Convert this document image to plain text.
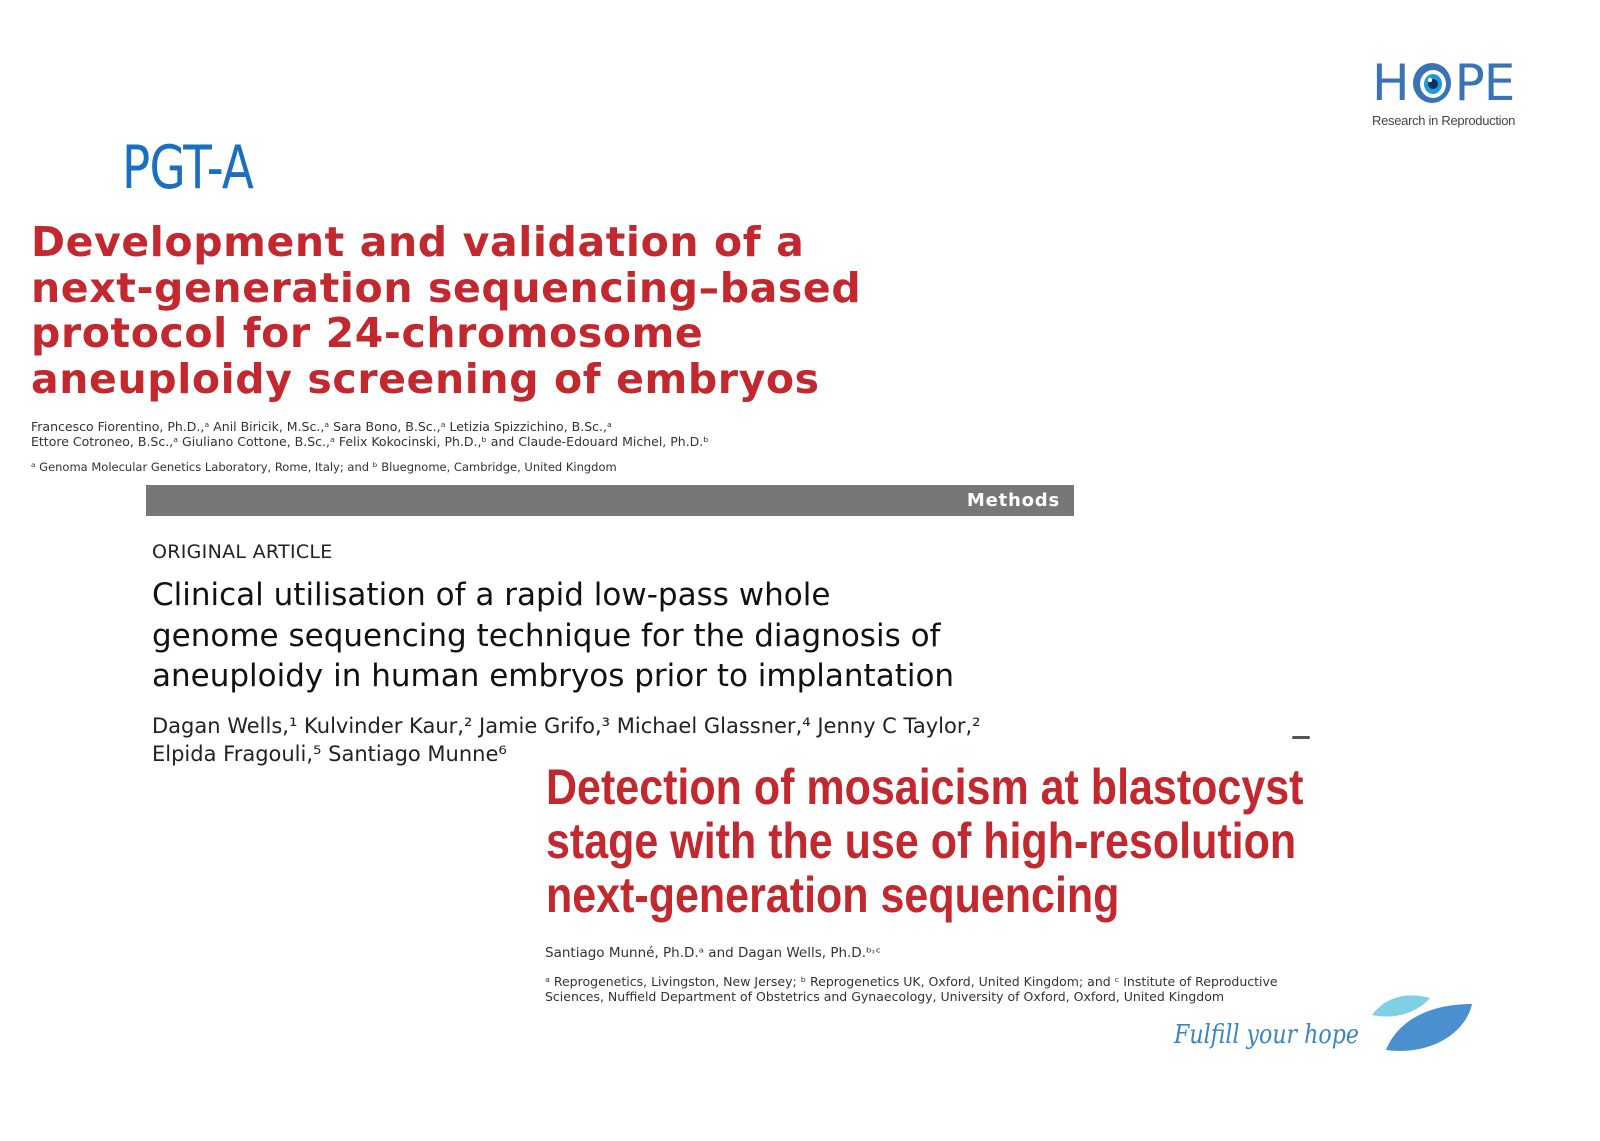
H PE
Research in Reproduction
PGT-A
Development and validation of a
next-generation sequencing–based
protocol for 24-chromosome
aneuploidy screening of embryos
Francesco Fiorentino, Ph.D.,ᵃ Anil Biricik, M.Sc.,ᵃ Sara Bono, B.Sc.,ᵃ Letizia Spizzichino, B.Sc.,ᵃ
Ettore Cotroneo, B.Sc.,ᵃ Giuliano Cottone, B.Sc.,ᵃ Felix Kokocinski, Ph.D.,ᵇ and Claude-Edouard Michel, Ph.D.ᵇ
ᵃ Genoma Molecular Genetics Laboratory, Rome, Italy; and ᵇ Bluegnome, Cambridge, United Kingdom
Methods
ORIGINAL ARTICLE
Clinical utilisation of a rapid low-pass whole
genome sequencing technique for the diagnosis of
aneuploidy in human embryos prior to implantation
Dagan Wells,¹ Kulvinder Kaur,² Jamie Grifo,³ Michael Glassner,⁴ Jenny C Taylor,²
Elpida Fragouli,⁵ Santiago Munne⁶
Detection of mosaicism at blastocyst
stage with the use of high-resolution
next-generation sequencing
Santiago Munné, Ph.D.ᵃ and Dagan Wells, Ph.D.ᵇ˒ᶜ
ᵃ Reprogenetics, Livingston, New Jersey; ᵇ Reprogenetics UK, Oxford, United Kingdom; and ᶜ Institute of Reproductive
Sciences, Nuffield Department of Obstetrics and Gynaecology, University of Oxford, Oxford, United Kingdom
Fulfill your hope
